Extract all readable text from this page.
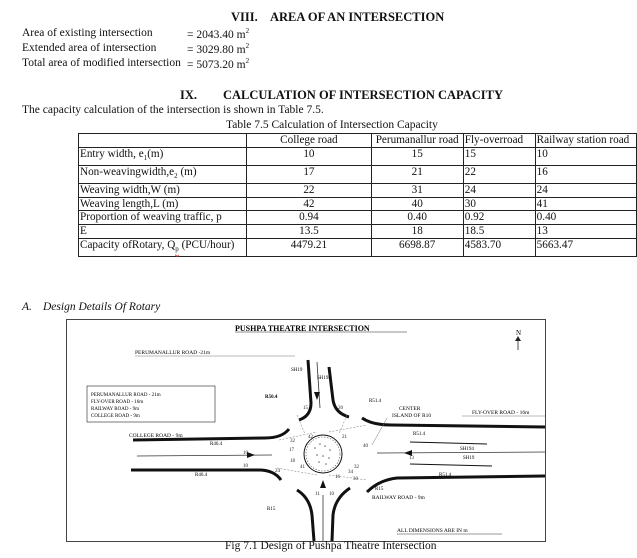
VIII. AREA OF AN INTERSECTION
Area of existing intersection	= 2043.40 $m^2$
Extended area of intersection	= 3029.80 $m^2$
Total area of modified intersection = 5073.20 $m^2$
IX. CALCULATION OF INTERSECTION CAPACITY
The capacity calculation of the intersection is shown in Table 7.5.
Table 7.5 Calculation of Intersection Capacity
	College road	Perumanallur road	Fly-overroad	Railway station road
Entry width, $e_1(m)$	10	15	15	10
Non-$weavingwidth,e_2$ (m)	17	21	22	16
Weaving width,W (m)	22	31	24	24
Weaving length,L (m)	42	40	30	41
Proportion of weaving traffic, p	0.94	0.40	0.92	0.40
E	13.5	18	18.5	13
Capacity ofRotary, $Q_p$ (PCU/hour)	4479.21	6698.87	4583.70	5663.47
A. Design Details Of Rotary
PUSHPA THEATRE INTERSECTION	N
PERUMANALLUR ROAD -21m
COLLEGE ROAD - 9m
FLY-OVER ROAD - 16m
RAILWAY ROAD - 9m
CENTER
ISLAND OF R10
SH19
SH194
SH194
SH19
R51.4
R51.4
R51.4
R46.4
R46.4
R15
R15
R50.4
15	20
32
42	21
40
17
10
18
10	41
24
32
16
34
30
13
11 10
PERUMANALLUR ROAD - 21m
FLY-OVER ROAD - 16m
RAILWAY ROAD - 9m
COLLEGE ROAD - 9m
ALL DIMENSIONS ARE IN m
Fig 7.1 Design of Pushpa Theatre Intersection
